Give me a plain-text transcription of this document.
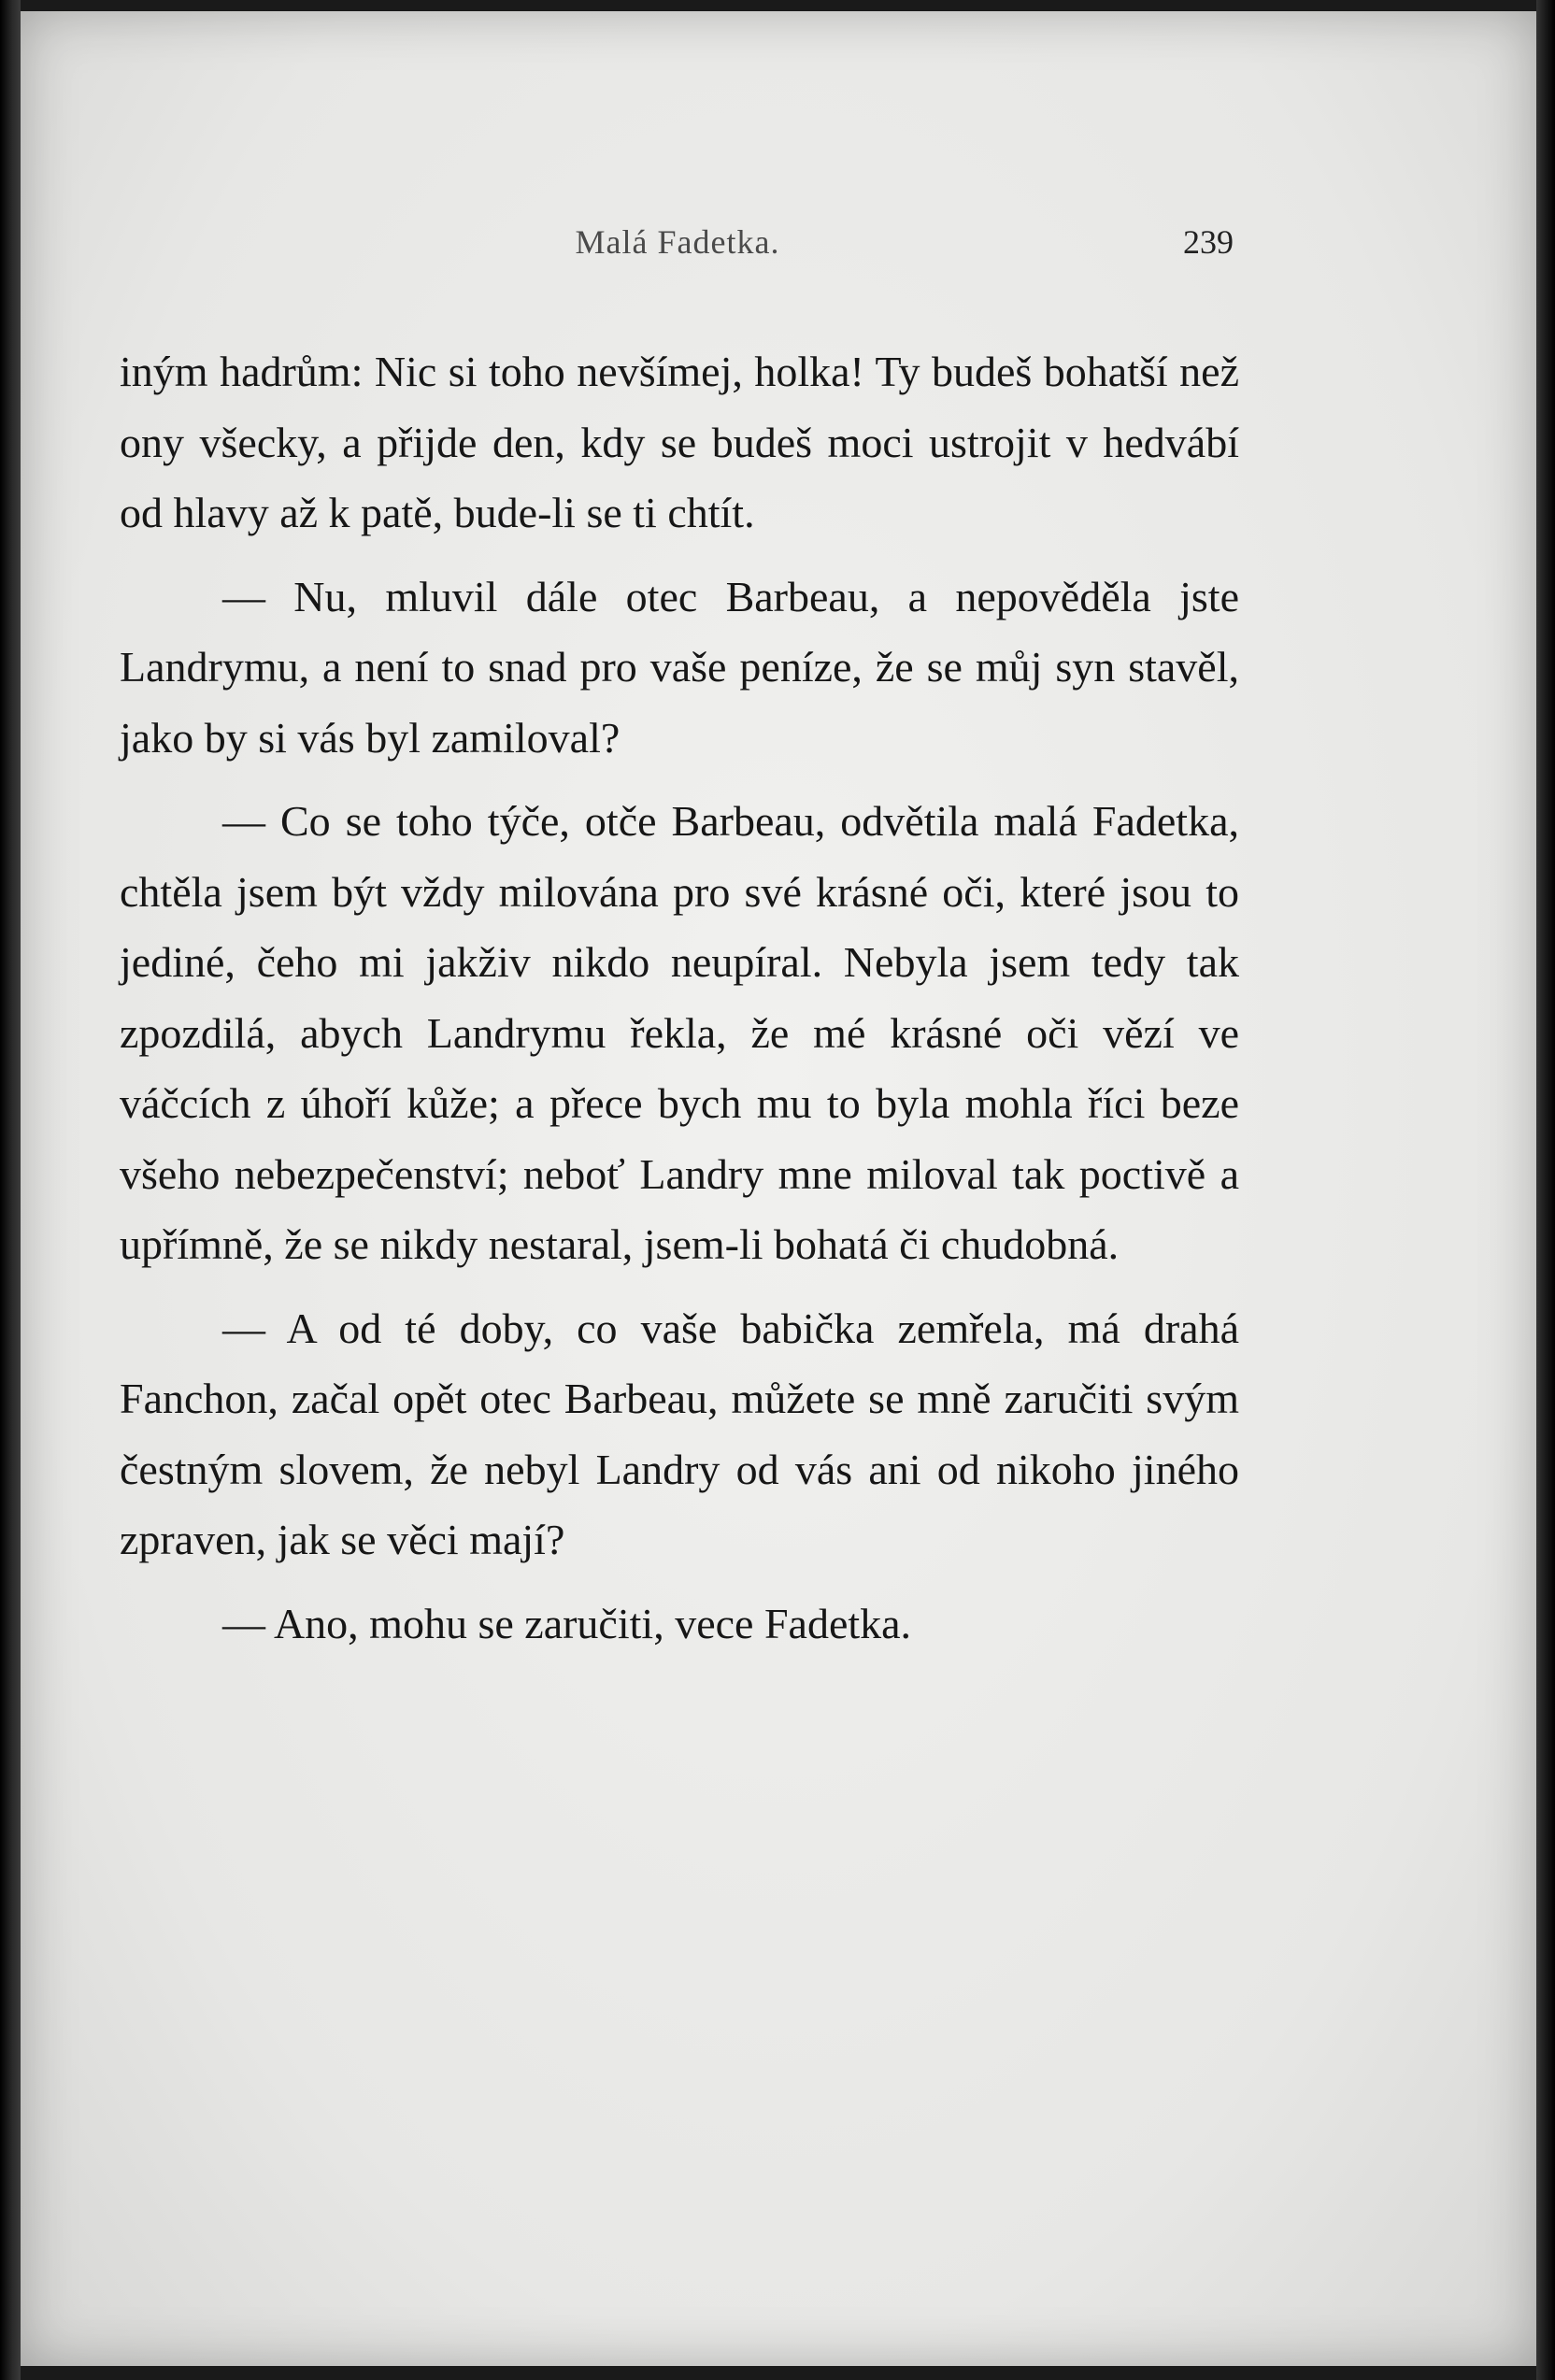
Malá Fadetka.	239

iným hadrům: Nic si toho nevšímej, holka! Ty budeš bohatší než ony všecky, a přijde den, kdy se budeš moci ustrojit v hedvábí od hlavy až k patě, bude-li se ti chtít.

— Nu, mluvil dále otec Barbeau, a nepověděla jste Landrymu, a není to snad pro vaše peníze, že se můj syn stavěl, jako by si vás byl zamiloval?

— Co se toho týče, otče Barbeau, odvětila malá Fadetka, chtěla jsem být vždy milována pro své krásné oči, které jsou to jediné, čeho mi jakživ nikdo neupíral. Nebyla jsem tedy tak zpozdilá, abych Landrymu řekla, že mé krásné oči vězí ve váčcích z úhoří kůže; a přece bych mu to byla mohla říci beze všeho nebezpečenství; neboť Landry mne miloval tak poctivě a upřímně, že se nikdy nestaral, jsem-li bohatá či chudobná.

— A od té doby, co vaše babička zemřela, má drahá Fanchon, začal opět otec Barbeau, můžete se mně zaručiti svým čestným slovem, že nebyl Landry od vás ani od nikoho jiného zpraven, jak se věci mají?

— Ano, mohu se zaručiti, vece Fadetka.
